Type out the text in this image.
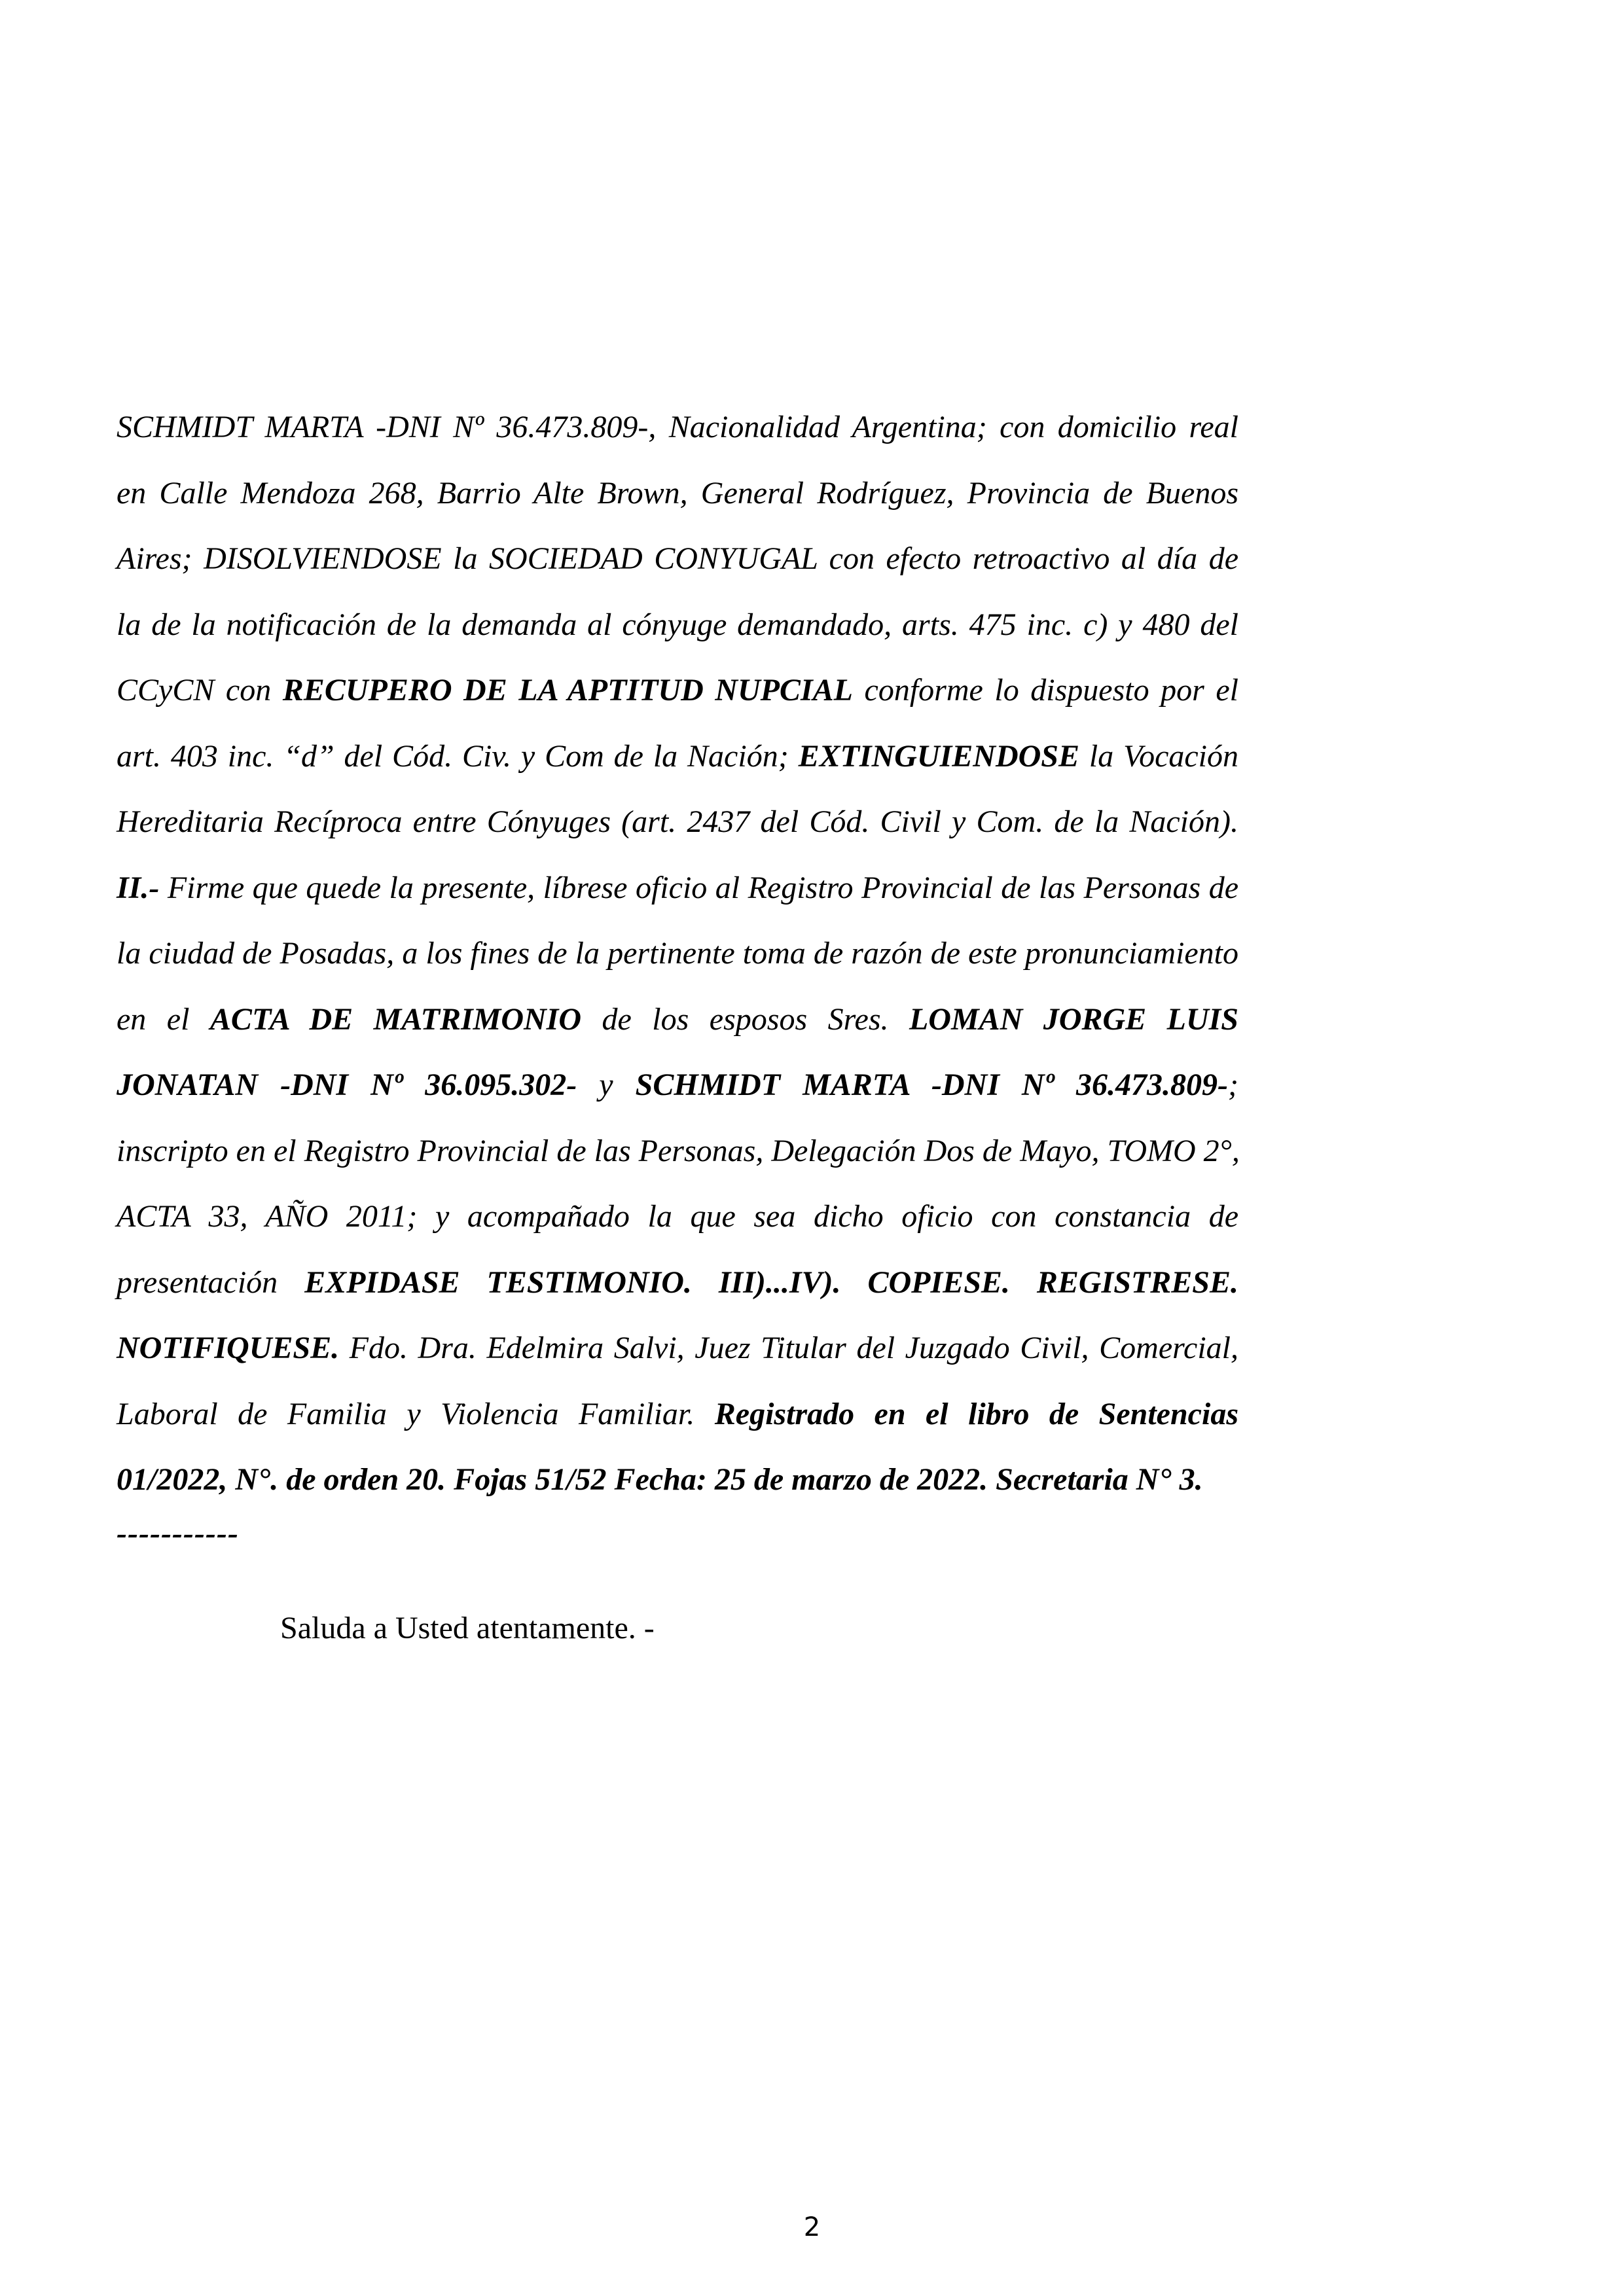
SCHMIDT MARTA -DNI Nº 36.473.809-, Nacionalidad Argentina; con domicilio real
en Calle Mendoza 268, Barrio Alte Brown, General Rodríguez, Provincia de Buenos
Aires; DISOLVIENDOSE la SOCIEDAD CONYUGAL con efecto retroactivo al día de
la de la notificación de la demanda al cónyuge demandado, arts. 475 inc. c) y 480 del
CCyCN con RECUPERO DE LA APTITUD NUPCIAL conforme lo dispuesto por el
art. 403 inc. “d” del Cód. Civ. y Com de la Nación; EXTINGUIENDOSE la Vocación
Hereditaria Recíproca entre Cónyuges (art. 2437 del Cód. Civil y Com. de la Nación).
II.- Firme que quede la presente, líbrese oficio al Registro Provincial de las Personas de
la ciudad de Posadas, a los fines de la pertinente toma de razón de este pronunciamiento
en el ACTA DE MATRIMONIO de los esposos Sres. LOMAN JORGE LUIS
JONATAN -DNI Nº 36.095.302- y SCHMIDT MARTA -DNI Nº 36.473.809-;
inscripto en el Registro Provincial de las Personas, Delegación Dos de Mayo, TOMO 2°,
ACTA 33, AÑO 2011; y acompañado la que sea dicho oficio con constancia de
presentación EXPIDASE TESTIMONIO. III)...IV). COPIESE. REGISTRESE.
NOTIFIQUESE. Fdo. Dra. Edelmira Salvi, Juez Titular del Juzgado Civil, Comercial,
Laboral de Familia y Violencia Familiar. Registrado en el libro de Sentencias
01/2022, N°. de orden 20. Fojas 51/52 Fecha: 25 de marzo de 2022. Secretaria N° 3.

-----------

Saluda a Usted atentamente. -

2
